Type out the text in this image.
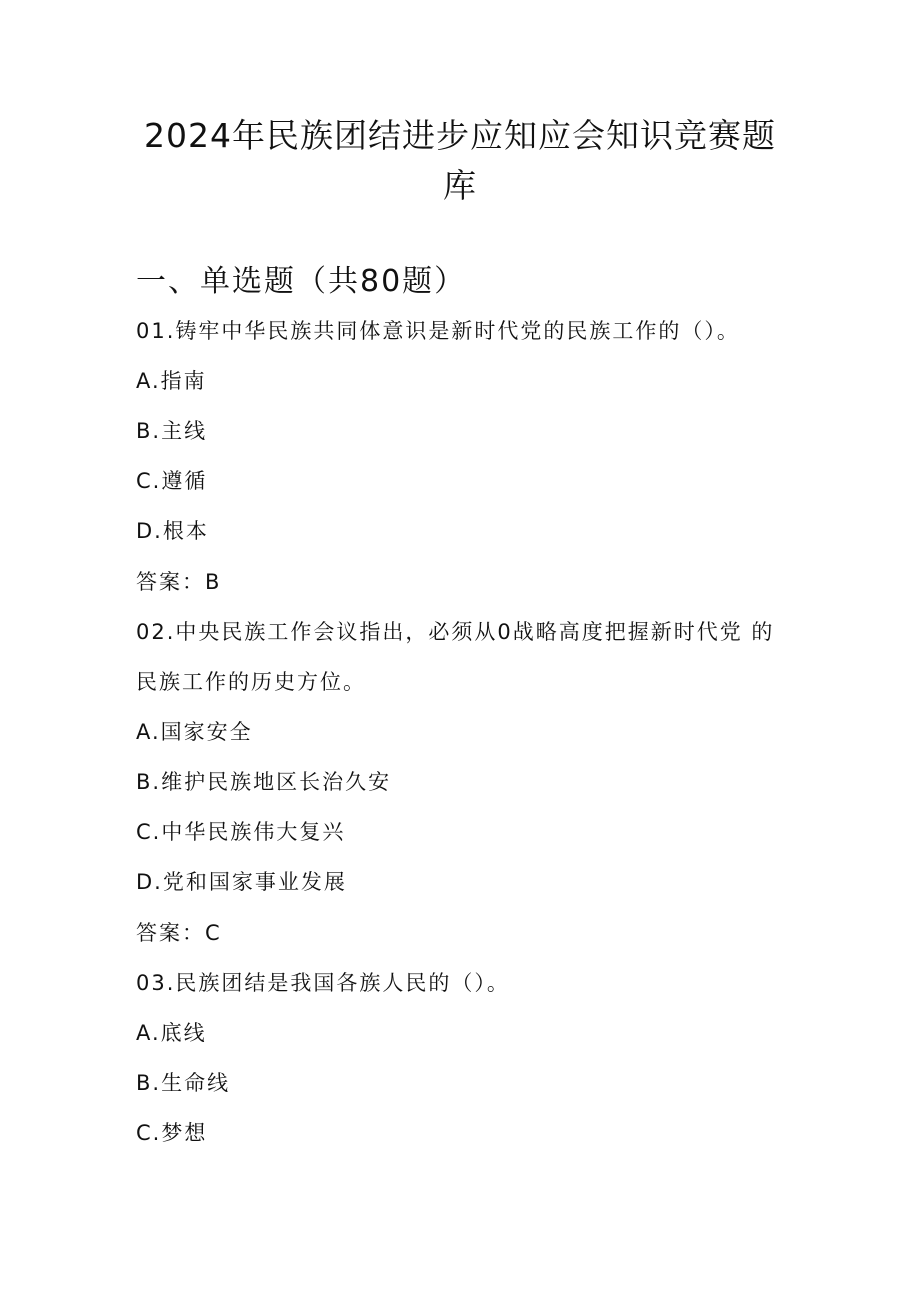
2024年民族团结进步应知应会知识竞赛题
库
一、单选题（共80题）
01.铸牢中华民族共同体意识是新时代党的民族工作的（）。
A.指南
B.主线
C.遵循
D.根本
答案：B
02.中央民族工作会议指出，必须从0战略高度把握新时代党 的
民族工作的历史方位。
A.国家安全
B.维护民族地区长治久安
C.中华民族伟大复兴
D.党和国家事业发展
答案：C
03.民族团结是我国各族人民的（）。
A.底线
B.生命线
C.梦想
